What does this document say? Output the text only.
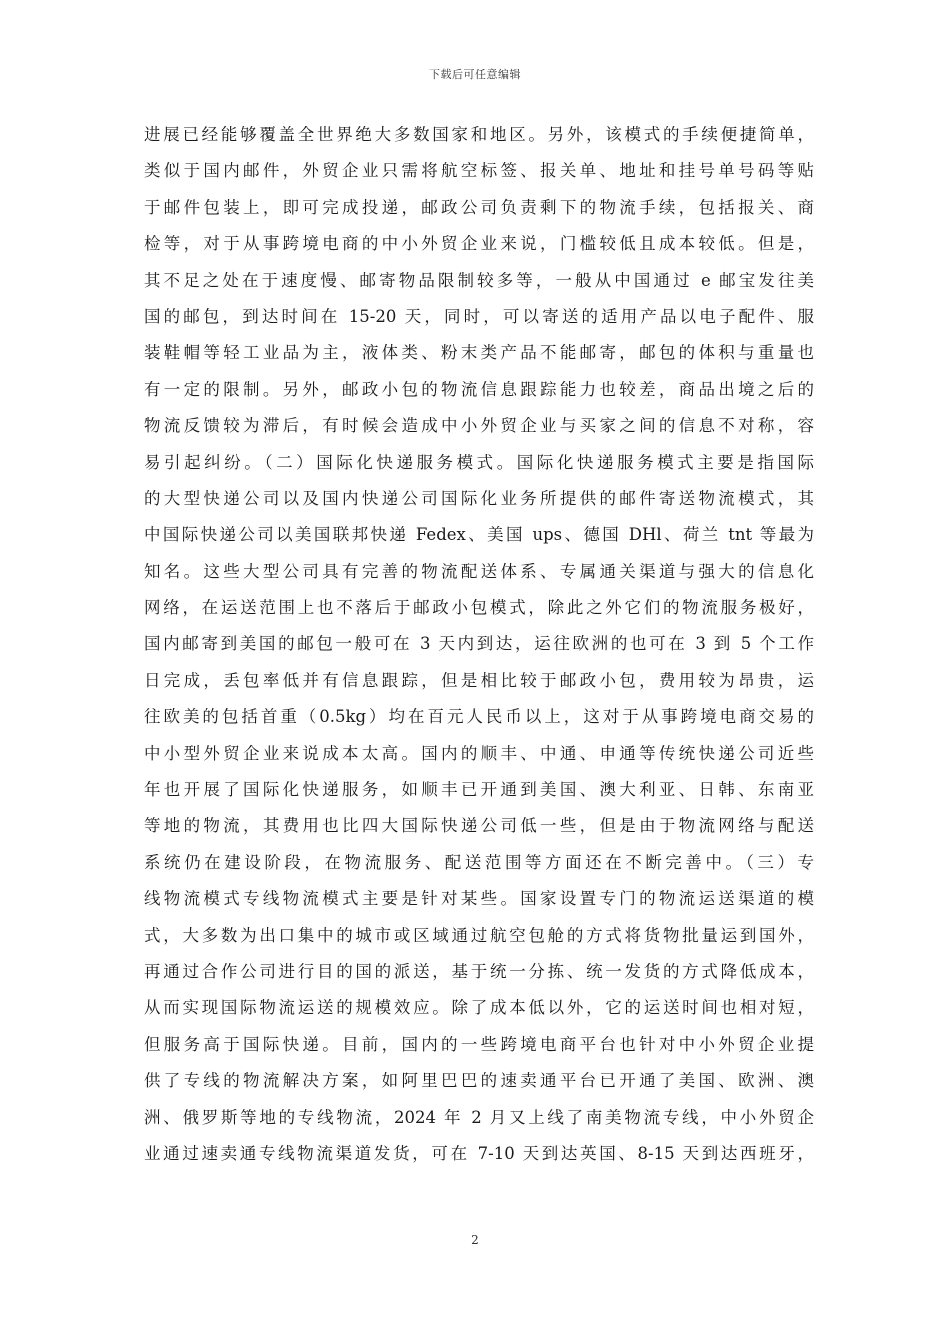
下载后可任意编辑
进展已经能够覆盖全世界绝大多数国家和地区。另外，该模式的手续便捷简单，
类似于国内邮件，外贸企业只需将航空标签、报关单、地址和挂号单号码等贴
于邮件包装上，即可完成投递，邮政公司负责剩下的物流手续，包括报关、商
检等，对于从事跨境电商的中小外贸企业来说，门槛较低且成本较低。但是，
其不足之处在于速度慢、邮寄物品限制较多等，一般从中国通过 e 邮宝发往美
国的邮包，到达时间在 15-20 天，同时，可以寄送的适用产品以电子配件、服
装鞋帽等轻工业品为主，液体类、粉末类产品不能邮寄，邮包的体积与重量也
有一定的限制。另外，邮政小包的物流信息跟踪能力也较差，商品出境之后的
物流反馈较为滞后，有时候会造成中小外贸企业与买家之间的信息不对称，容
易引起纠纷。（二）国际化快递服务模式。国际化快递服务模式主要是指国际
的大型快递公司以及国内快递公司国际化业务所提供的邮件寄送物流模式，其
中国际快递公司以美国联邦快递 Fedex、美国 ups、德国 DHl、荷兰 tnt 等最为
知名。这些大型公司具有完善的物流配送体系、专属通关渠道与强大的信息化
网络，在运送范围上也不落后于邮政小包模式，除此之外它们的物流服务极好，
国内邮寄到美国的邮包一般可在 3 天内到达，运往欧洲的也可在 3 到 5 个工作
日完成，丢包率低并有信息跟踪，但是相比较于邮政小包，费用较为昂贵，运
往欧美的包括首重（0.5kg）均在百元人民币以上，这对于从事跨境电商交易的
中小型外贸企业来说成本太高。国内的顺丰、中通、申通等传统快递公司近些
年也开展了国际化快递服务，如顺丰已开通到美国、澳大利亚、日韩、东南亚
等地的物流，其费用也比四大国际快递公司低一些，但是由于物流网络与配送
系统仍在建设阶段，在物流服务、配送范围等方面还在不断完善中。（三）专
线物流模式专线物流模式主要是针对某些。国家设置专门的物流运送渠道的模
式，大多数为出口集中的城市或区域通过航空包舱的方式将货物批量运到国外，
再通过合作公司进行目的国的派送，基于统一分拣、统一发货的方式降低成本，
从而实现国际物流运送的规模效应。除了成本低以外，它的运送时间也相对短，
但服务高于国际快递。目前，国内的一些跨境电商平台也针对中小外贸企业提
供了专线的物流解决方案，如阿里巴巴的速卖通平台已开通了美国、欧洲、澳
洲、俄罗斯等地的专线物流，2024 年 2 月又上线了南美物流专线，中小外贸企
业通过速卖通专线物流渠道发货，可在 7-10 天到达英国、8-15 天到达西班牙，
2
